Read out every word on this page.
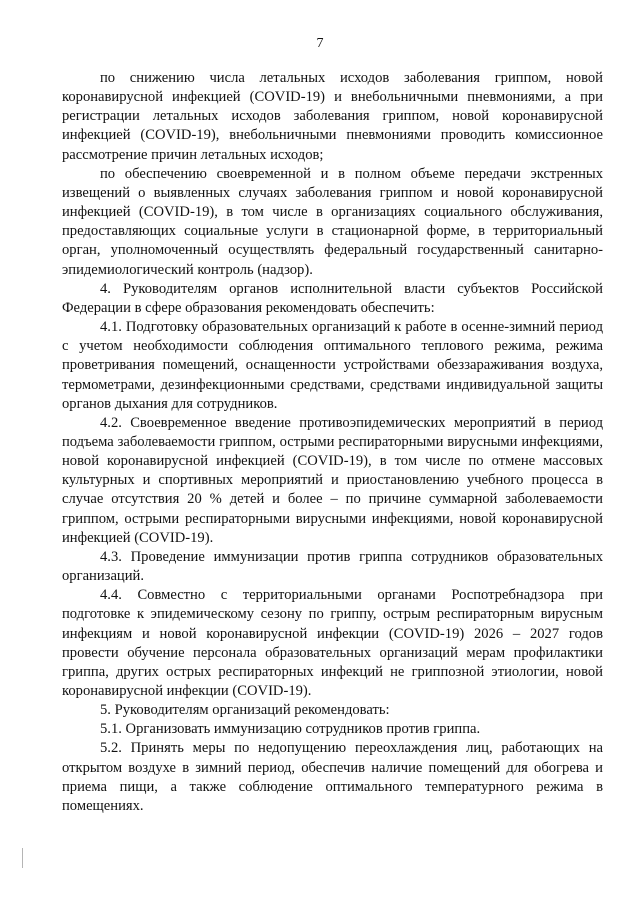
7

по снижению числа летальных исходов заболевания гриппом, новой коронавирусной инфекцией (COVID-19) и внебольничными пневмониями, а при регистрации летальных исходов заболевания гриппом, новой коронавирусной инфекцией (COVID-19), внебольничными пневмониями проводить комиссионное рассмотрение причин летальных исходов;

по обеспечению своевременной и в полном объеме передачи экстренных извещений о выявленных случаях заболевания гриппом и новой коронавирусной инфекцией (COVID-19), в том числе в организациях социального обслуживания, предоставляющих социальные услуги в стационарной форме, в территориальный орган, уполномоченный осуществлять федеральный государственный санитарно-эпидемиологический контроль (надзор).

4. Руководителям органов исполнительной власти субъектов Российской Федерации в сфере образования рекомендовать обеспечить:

4.1. Подготовку образовательных организаций к работе в осенне-зимний период с учетом необходимости соблюдения оптимального теплового режима, режима проветривания помещений, оснащенности устройствами обеззараживания воздуха, термометрами, дезинфекционными средствами, средствами индивидуальной защиты органов дыхания для сотрудников.

4.2. Своевременное введение противоэпидемических мероприятий в период подъема заболеваемости гриппом, острыми респираторными вирусными инфекциями, новой коронавирусной инфекцией (COVID-19), в том числе по отмене массовых культурных и спортивных мероприятий и приостановлению учебного процесса в случае отсутствия 20 % детей и более – по причине суммарной заболеваемости гриппом, острыми респираторными вирусными инфекциями, новой коронавирусной инфекцией (COVID-19).

4.3. Проведение иммунизации против гриппа сотрудников образовательных организаций.

4.4. Совместно с территориальными органами Роспотребнадзора при подготовке к эпидемическому сезону по гриппу, острым респираторным вирусным инфекциям и новой коронавирусной инфекции (COVID-19) 2026 – 2027 годов провести обучение персонала образовательных организаций мерам профилактики гриппа, других острых респираторных инфекций не гриппозной этиологии, новой коронавирусной инфекции (COVID-19).

5. Руководителям организаций рекомендовать:

5.1. Организовать иммунизацию сотрудников против гриппа.

5.2. Принять меры по недопущению переохлаждения лиц, работающих на открытом воздухе в зимний период, обеспечив наличие помещений для обогрева и приема пищи, а также соблюдение оптимального температурного режима в помещениях.
